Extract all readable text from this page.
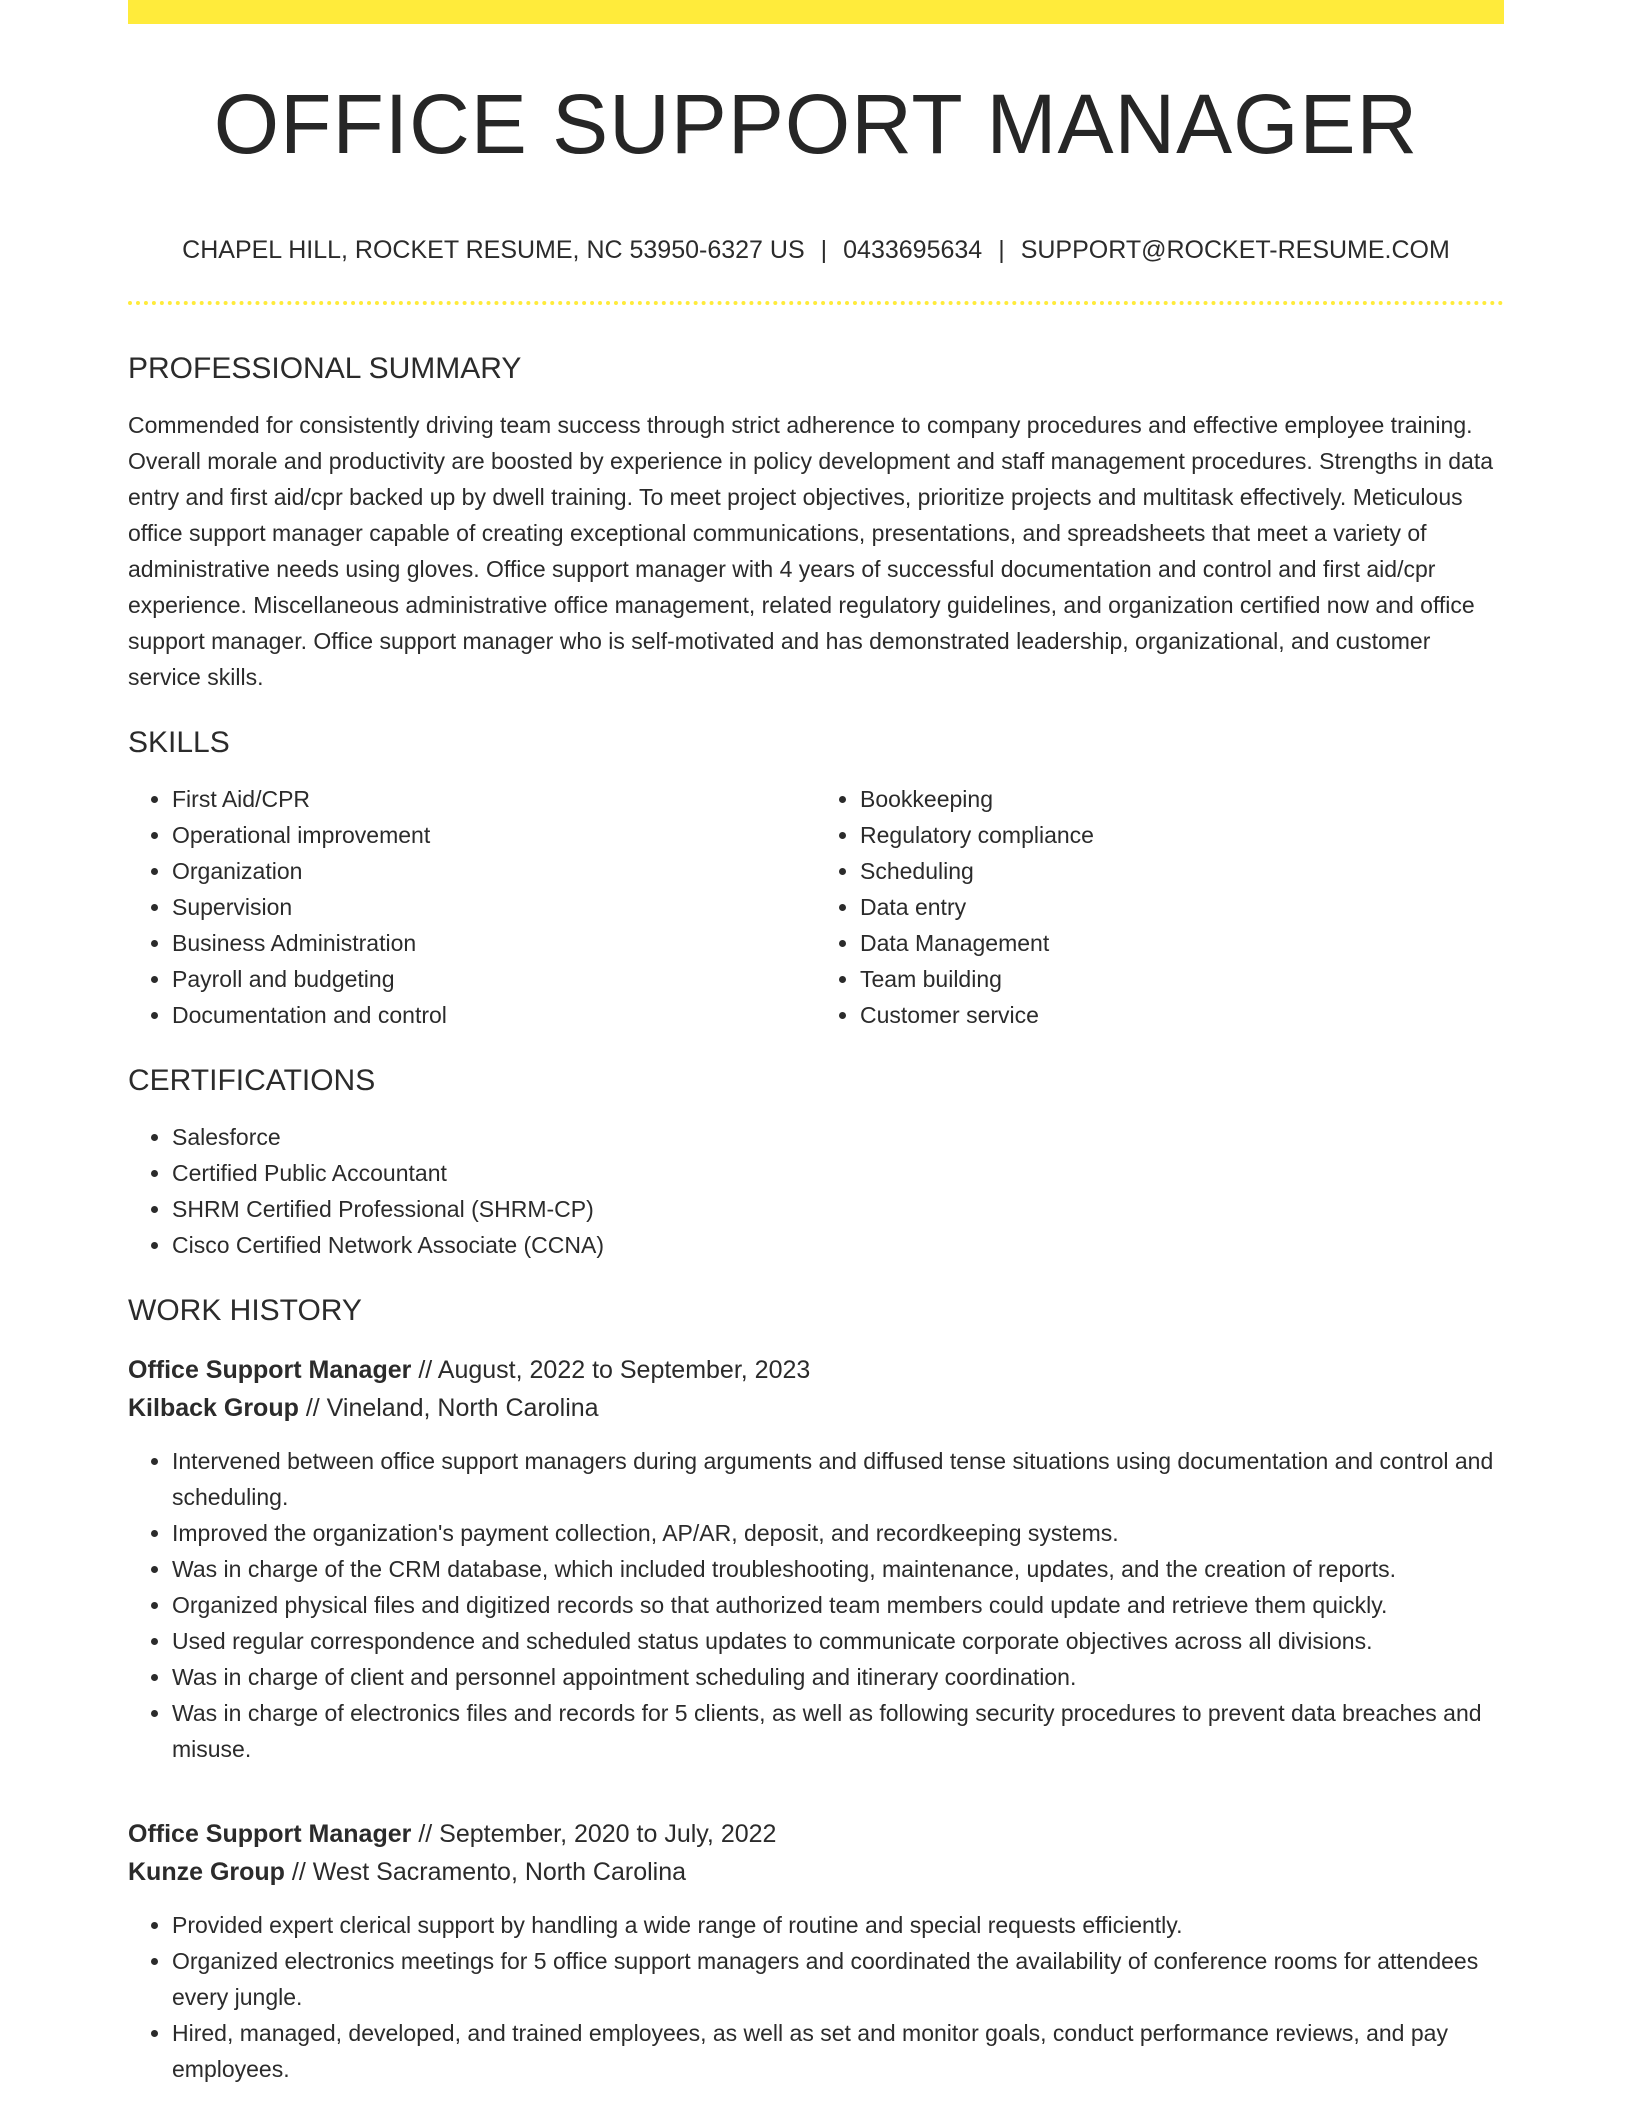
OFFICE SUPPORT MANAGER
CHAPEL HILL, ROCKET RESUME, NC 53950-6327 US | 0433695634 | SUPPORT@ROCKET-RESUME.COM
PROFESSIONAL SUMMARY

Commended for consistently driving team success through strict adherence to company procedures and effective employee training. Overall morale and productivity are boosted by experience in policy development and staff management procedures. Strengths in data entry and first aid/cpr backed up by dwell training. To meet project objectives, prioritize projects and multitask effectively. Meticulous office support manager capable of creating exceptional communications, presentations, and spreadsheets that meet a variety of administrative needs using gloves. Office support manager with 4 years of successful documentation and control and first aid/cpr experience. Miscellaneous administrative office management, related regulatory guidelines, and organization certified now and office support manager. Office support manager who is self-motivated and has demonstrated leadership, organizational, and customer service skills.

SKILLS
• First Aid/CPR
• Operational improvement
• Organization
• Supervision
• Business Administration
• Payroll and budgeting
• Documentation and control
• Bookkeeping
• Regulatory compliance
• Scheduling
• Data entry
• Data Management
• Team building
• Customer service
CERTIFICATIONS
• Salesforce
• Certified Public Accountant
• SHRM Certified Professional (SHRM-CP)
• Cisco Certified Network Associate (CCNA)
WORK HISTORY
Office Support Manager // August, 2022 to September, 2023
Kilback Group // Vineland, North Carolina
• Intervened between office support managers during arguments and diffused tense situations using documentation and control and scheduling.
• Improved the organization's payment collection, AP/AR, deposit, and recordkeeping systems.
• Was in charge of the CRM database, which included troubleshooting, maintenance, updates, and the creation of reports.
• Organized physical files and digitized records so that authorized team members could update and retrieve them quickly.
• Used regular correspondence and scheduled status updates to communicate corporate objectives across all divisions.
• Was in charge of client and personnel appointment scheduling and itinerary coordination.
• Was in charge of electronics files and records for 5 clients, as well as following security procedures to prevent data breaches and misuse.
Office Support Manager // September, 2020 to July, 2022
Kunze Group // West Sacramento, North Carolina
• Provided expert clerical support by handling a wide range of routine and special requests efficiently.
• Organized electronics meetings for 5 office support managers and coordinated the availability of conference rooms for attendees every jungle.
• Hired, managed, developed, and trained employees, as well as set and monitor goals, conduct performance reviews, and pay employees.
